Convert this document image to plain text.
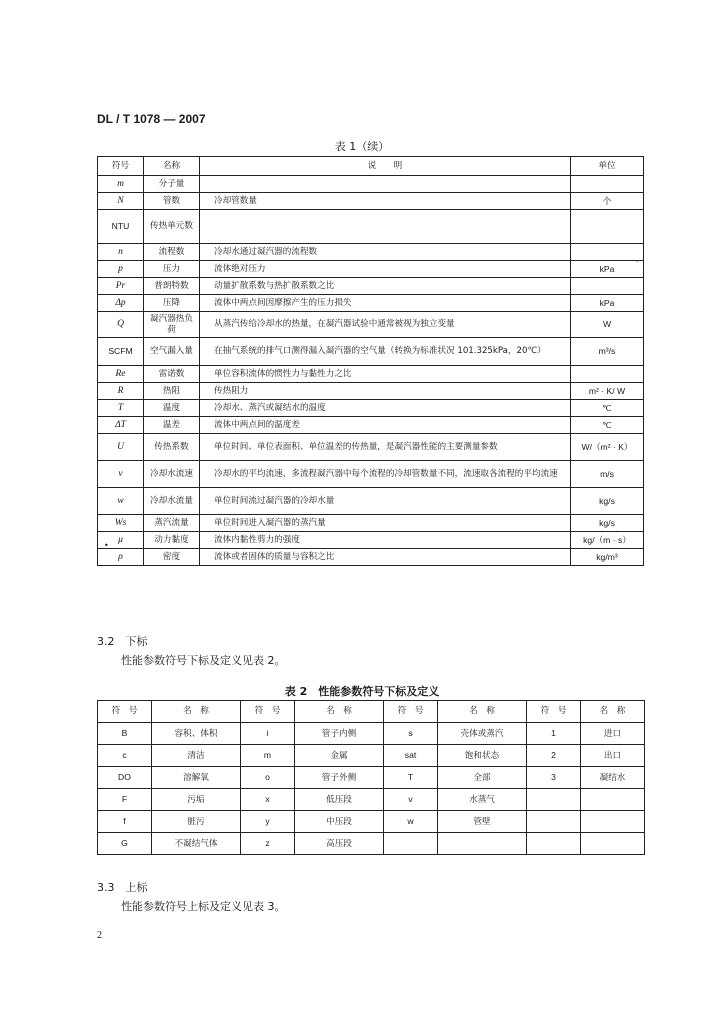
DL / T 1078 — 2007
表 1（续）
符号	名称	说　　明	单位
m	分子量		
N	管数	冷却管数量	个
NTU	传热单元数		
n	流程数	冷却水通过凝汽器的流程数	
p	压力	流体绝对压力	kPa
Pr	普朗特数	动量扩散系数与热扩散系数之比	
Δp	压降	流体中两点间因摩擦产生的压力损失	kPa
Q	凝汽器热负荷	从蒸汽传给冷却水的热量，在凝汽器试验中通常被视为独立变量	W
SCFM	空气漏入量	在抽气系统的排气口测得漏入凝汽器的空气量（转换为标准状况 101.325kPa，20℃）	m³/s
Re	雷诺数	单位容积流体的惯性力与黏性力之比	
R	热阻	传热阻力	m² · K/ W
T	温度	冷却水、蒸汽或凝结水的温度	℃
ΔT	温差	流体中两点间的温度差	℃
U	传热系数	单位时间、单位表面积、单位温差的传热量，是凝汽器性能的主要测量参数	W/（m² · K）
v	冷却水流速	冷却水的平均流速，多流程凝汽器中每个流程的冷却管数量不同，流速取各流程的平均流速	m/s
w	冷却水流量	单位时间流过凝汽器的冷却水量	kg/s
Ws	蒸汽流量	单位时间进入凝汽器的蒸汽量	kg/s
μ	动力黏度	流体内黏性剪力的强度	kg/（m · s）
ρ	密度	流体或者固体的质量与容积之比	kg/m³
•
·
3.2　下标
性能参数符号下标及定义见表 2。
表 2　性能参数符号下标及定义
符　号	名　称	符　号	名　称	符　号	名　称	符　号	名　称
B	容积、体积	i	管子内侧	s	壳体或蒸汽	1	进口
c	清洁	m	金属	sat	饱和状态	2	出口
DO	溶解氧	o	管子外侧	T	全部	3	凝结水
F	污垢	x	低压段	v	水蒸气		
f	脏污	y	中压段	w	管壁		
G	不凝结气体	z	高压段				
3.3　上标
性能参数符号上标及定义见表 3。
2
